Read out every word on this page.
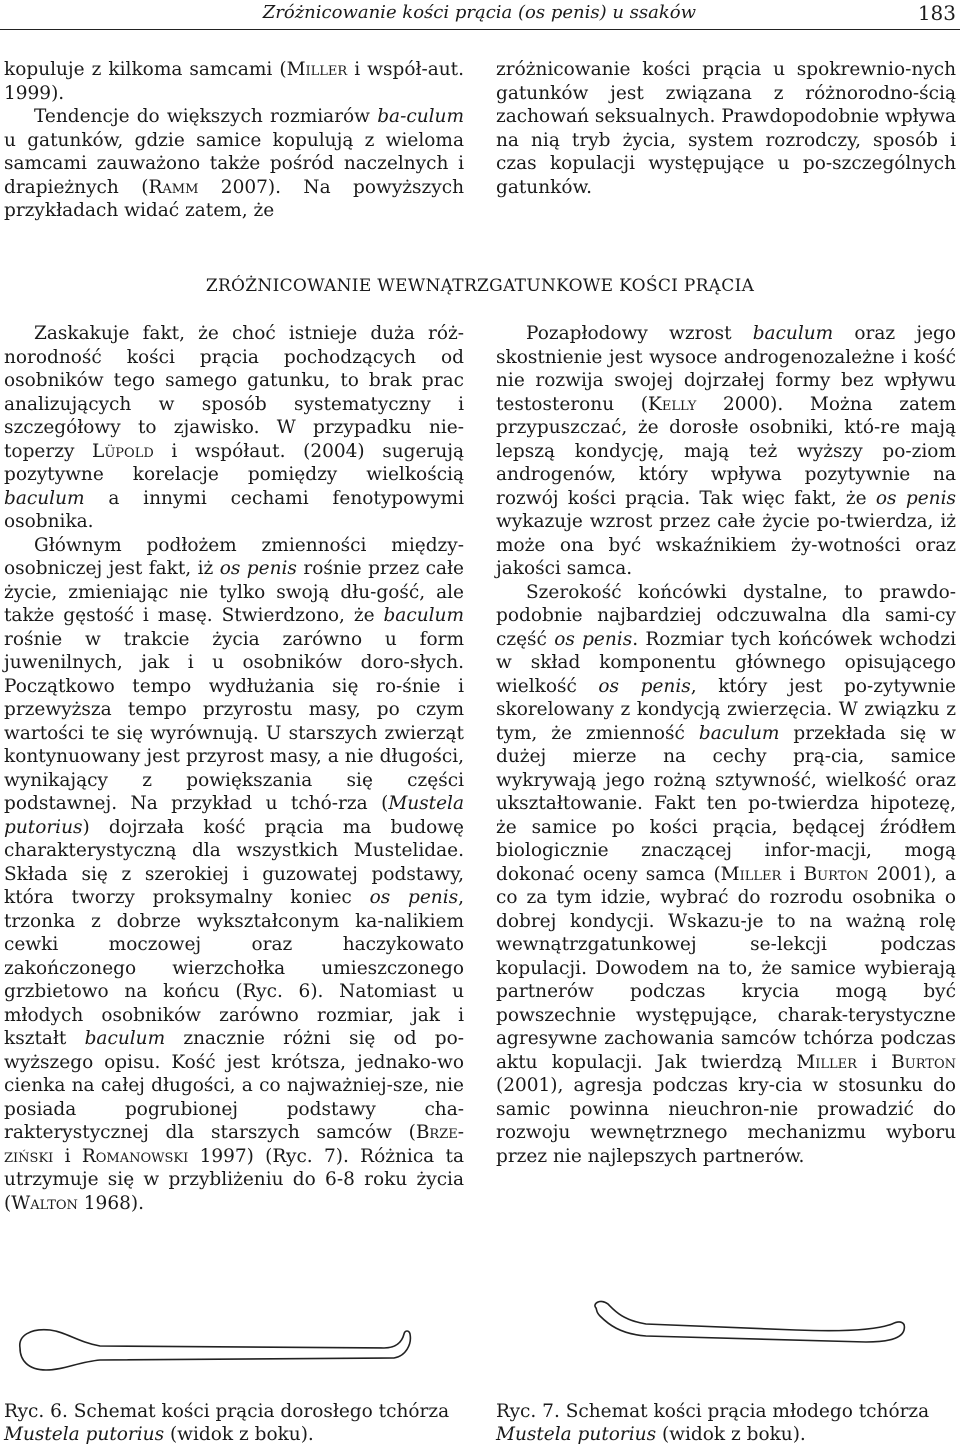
Zróżnicowanie kości prącia (os penis) u ssaków	183

kopuluje z kilkoma samcami (Miller i współ-aut. 1999).

Tendencje do większych rozmiarów ba-culum u gatunków, gdzie samice kopulują z wieloma samcami zauważono także pośród naczelnych i drapieżnych (Ramm 2007). Na powyższych przykładach widać zatem, że

zróżnicowanie kości prącia u spokrewnio-nych gatunków jest związana z różnorodno-ścią zachowań seksualnych. Prawdopodobnie wpływa na nią tryb życia, system rozrodczy, sposób i czas kopulacji występujące u po-szczególnych gatunków.

ZRÓŻNICOWANIE WEWNĄTRZGATUNKOWE KOŚCI PRĄCIA

Zaskakuje fakt, że choć istnieje duża róż-norodność kości prącia pochodzących od osobników tego samego gatunku, to brak prac analizujących w sposób systematyczny i szczegółowy to zjawisko. W przypadku nie-toperzy Lüpold i współaut. (2004) sugerują pozytywne korelacje pomiędzy wielkością baculum a innymi cechami fenotypowymi osobnika.

Głównym podłożem zmienności między-osobniczej jest fakt, iż os penis rośnie przez całe życie, zmieniając nie tylko swoją dłu-gość, ale także gęstość i masę. Stwierdzono, że baculum rośnie w trakcie życia zarówno u form juwenilnych, jak i u osobników doro-słych. Początkowo tempo wydłużania się ro-śnie i przewyższa tempo przyrostu masy, po czym wartości te się wyrównują. U starszych zwierząt kontynuowany jest przyrost masy, a nie długości, wynikający z powiększania się części podstawnej. Na przykład u tchó-rza (Mustela putorius) dojrzała kość prącia ma budowę charakterystyczną dla wszystkich Mustelidae. Składa się z szerokiej i guzowatej podstawy, która tworzy proksymalny koniec os penis, trzonka z dobrze wykształconym ka-nalikiem cewki moczowej oraz haczykowato zakończonego wierzchołka umieszczonego grzbietowo na końcu (Ryc. 6). Natomiast u młodych osobników zarówno rozmiar, jak i kształt baculum znacznie różni się od po-wyższego opisu. Kość jest krótsza, jednako-wo cienka na całej długości, a co najważniej-sze, nie posiada pogrubionej podstawy cha-rakterystycznej dla starszych samców (Brze-ziński i Romanowski 1997) (Ryc. 7). Różnica ta utrzymuje się w przybliżeniu do 6-8 roku życia (Walton 1968).

Pozapłodowy wzrost baculum oraz jego skostnienie jest wysoce androgenozależne i kość nie rozwija swojej dojrzałej formy bez wpływu testosteronu (Kelly 2000). Można zatem przypuszczać, że dorosłe osobniki, któ-re mają lepszą kondycję, mają też wyższy po-ziom androgenów, który wpływa pozytywnie na rozwój kości prącia. Tak więc fakt, że os penis wykazuje wzrost przez całe życie po-twierdza, iż może ona być wskaźnikiem ży-wotności oraz jakości samca.

Szerokość końcówki dystalne, to prawdo-podobnie najbardziej odczuwalna dla sami-cy część os penis. Rozmiar tych końcówek wchodzi w skład komponentu głównego opisującego wielkość os penis, który jest po-zytywnie skorelowany z kondycją zwierzęcia. W związku z tym, że zmienność baculum przekłada się w dużej mierze na cechy prą-cia, samice wykrywają jego rożną sztywność, wielkość oraz ukształtowanie. Fakt ten po-twierdza hipotezę, że samice po kości prącia, będącej źródłem biologicznie znaczącej infor-macji, mogą dokonać oceny samca (Miller i Burton 2001), a co za tym idzie, wybrać do rozrodu osobnika o dobrej kondycji. Wskazu-je to na ważną rolę wewnątrzgatunkowej se-lekcji podczas kopulacji. Dowodem na to, że samice wybierają partnerów podczas krycia mogą być powszechnie występujące, charak-terystyczne agresywne zachowania samców tchórza podczas aktu kopulacji. Jak twierdzą Miller i Burton (2001), agresja podczas kry-cia w stosunku do samic powinna nieuchron-nie prowadzić do rozwoju wewnętrznego mechanizmu wyboru przez nie najlepszych partnerów.

Ryc. 6. Schemat kości prącia dorosłego tchórza
Mustela putorius (widok z boku).
Ryc. 7. Schemat kości prącia młodego tchórza
Mustela putorius (widok z boku).
